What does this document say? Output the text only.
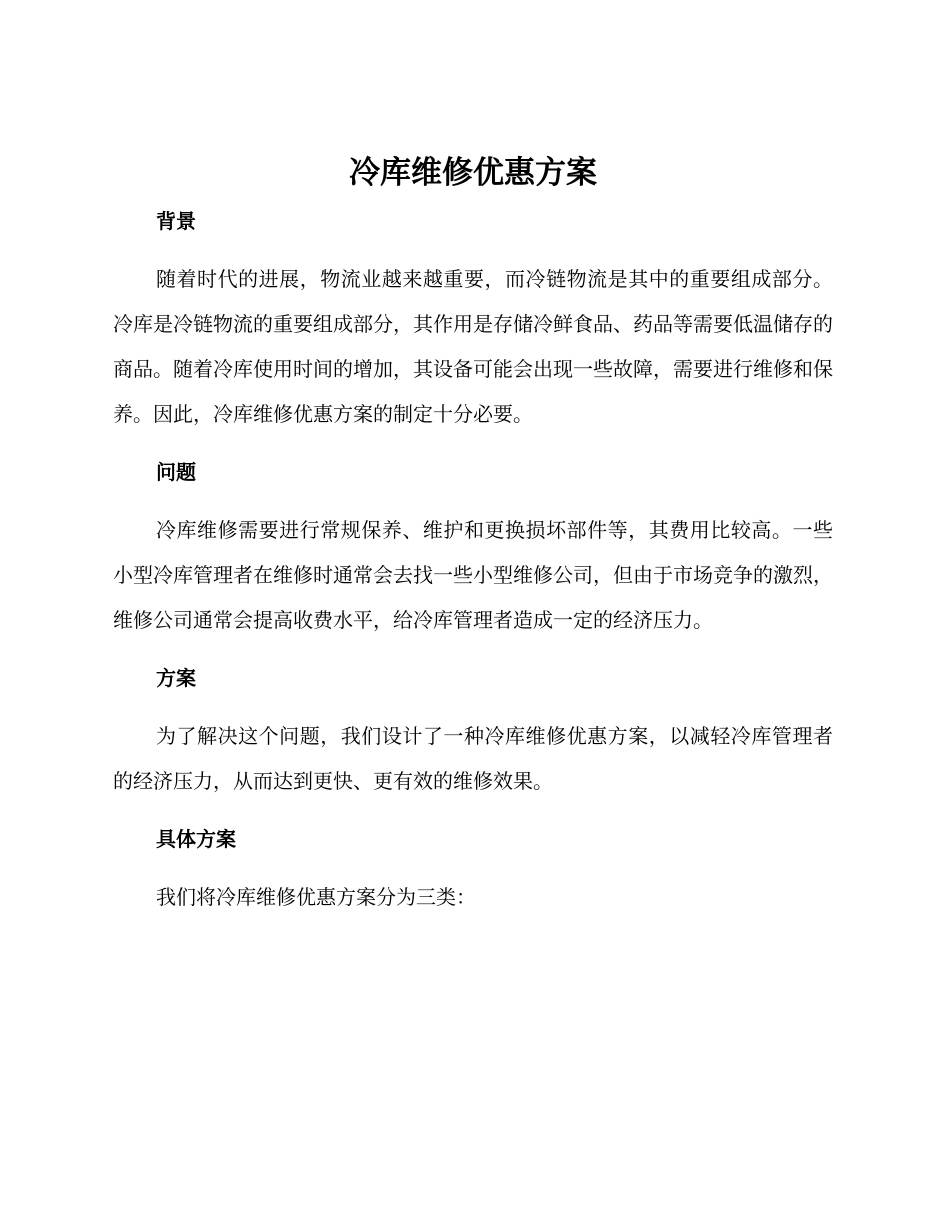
冷库维修优惠方案
背景

随着时代的进展，物流业越来越重要，而冷链物流是其中的重要组成部分。冷库是冷链物流的重要组成部分，其作用是存储冷鲜食品、药品等需要低温储存的商品。随着冷库使用时间的增加，其设备可能会出现一些故障，需要进行维修和保养。因此，冷库维修优惠方案的制定十分必要。

问题

冷库维修需要进行常规保养、维护和更换损坏部件等，其费用比较高。一些小型冷库管理者在维修时通常会去找一些小型维修公司，但由于市场竞争的激烈，维修公司通常会提高收费水平，给冷库管理者造成一定的经济压力。

方案

为了解决这个问题，我们设计了一种冷库维修优惠方案，以减轻冷库管理者的经济压力，从而达到更快、更有效的维修效果。

具体方案

我们将冷库维修优惠方案分为三类：
